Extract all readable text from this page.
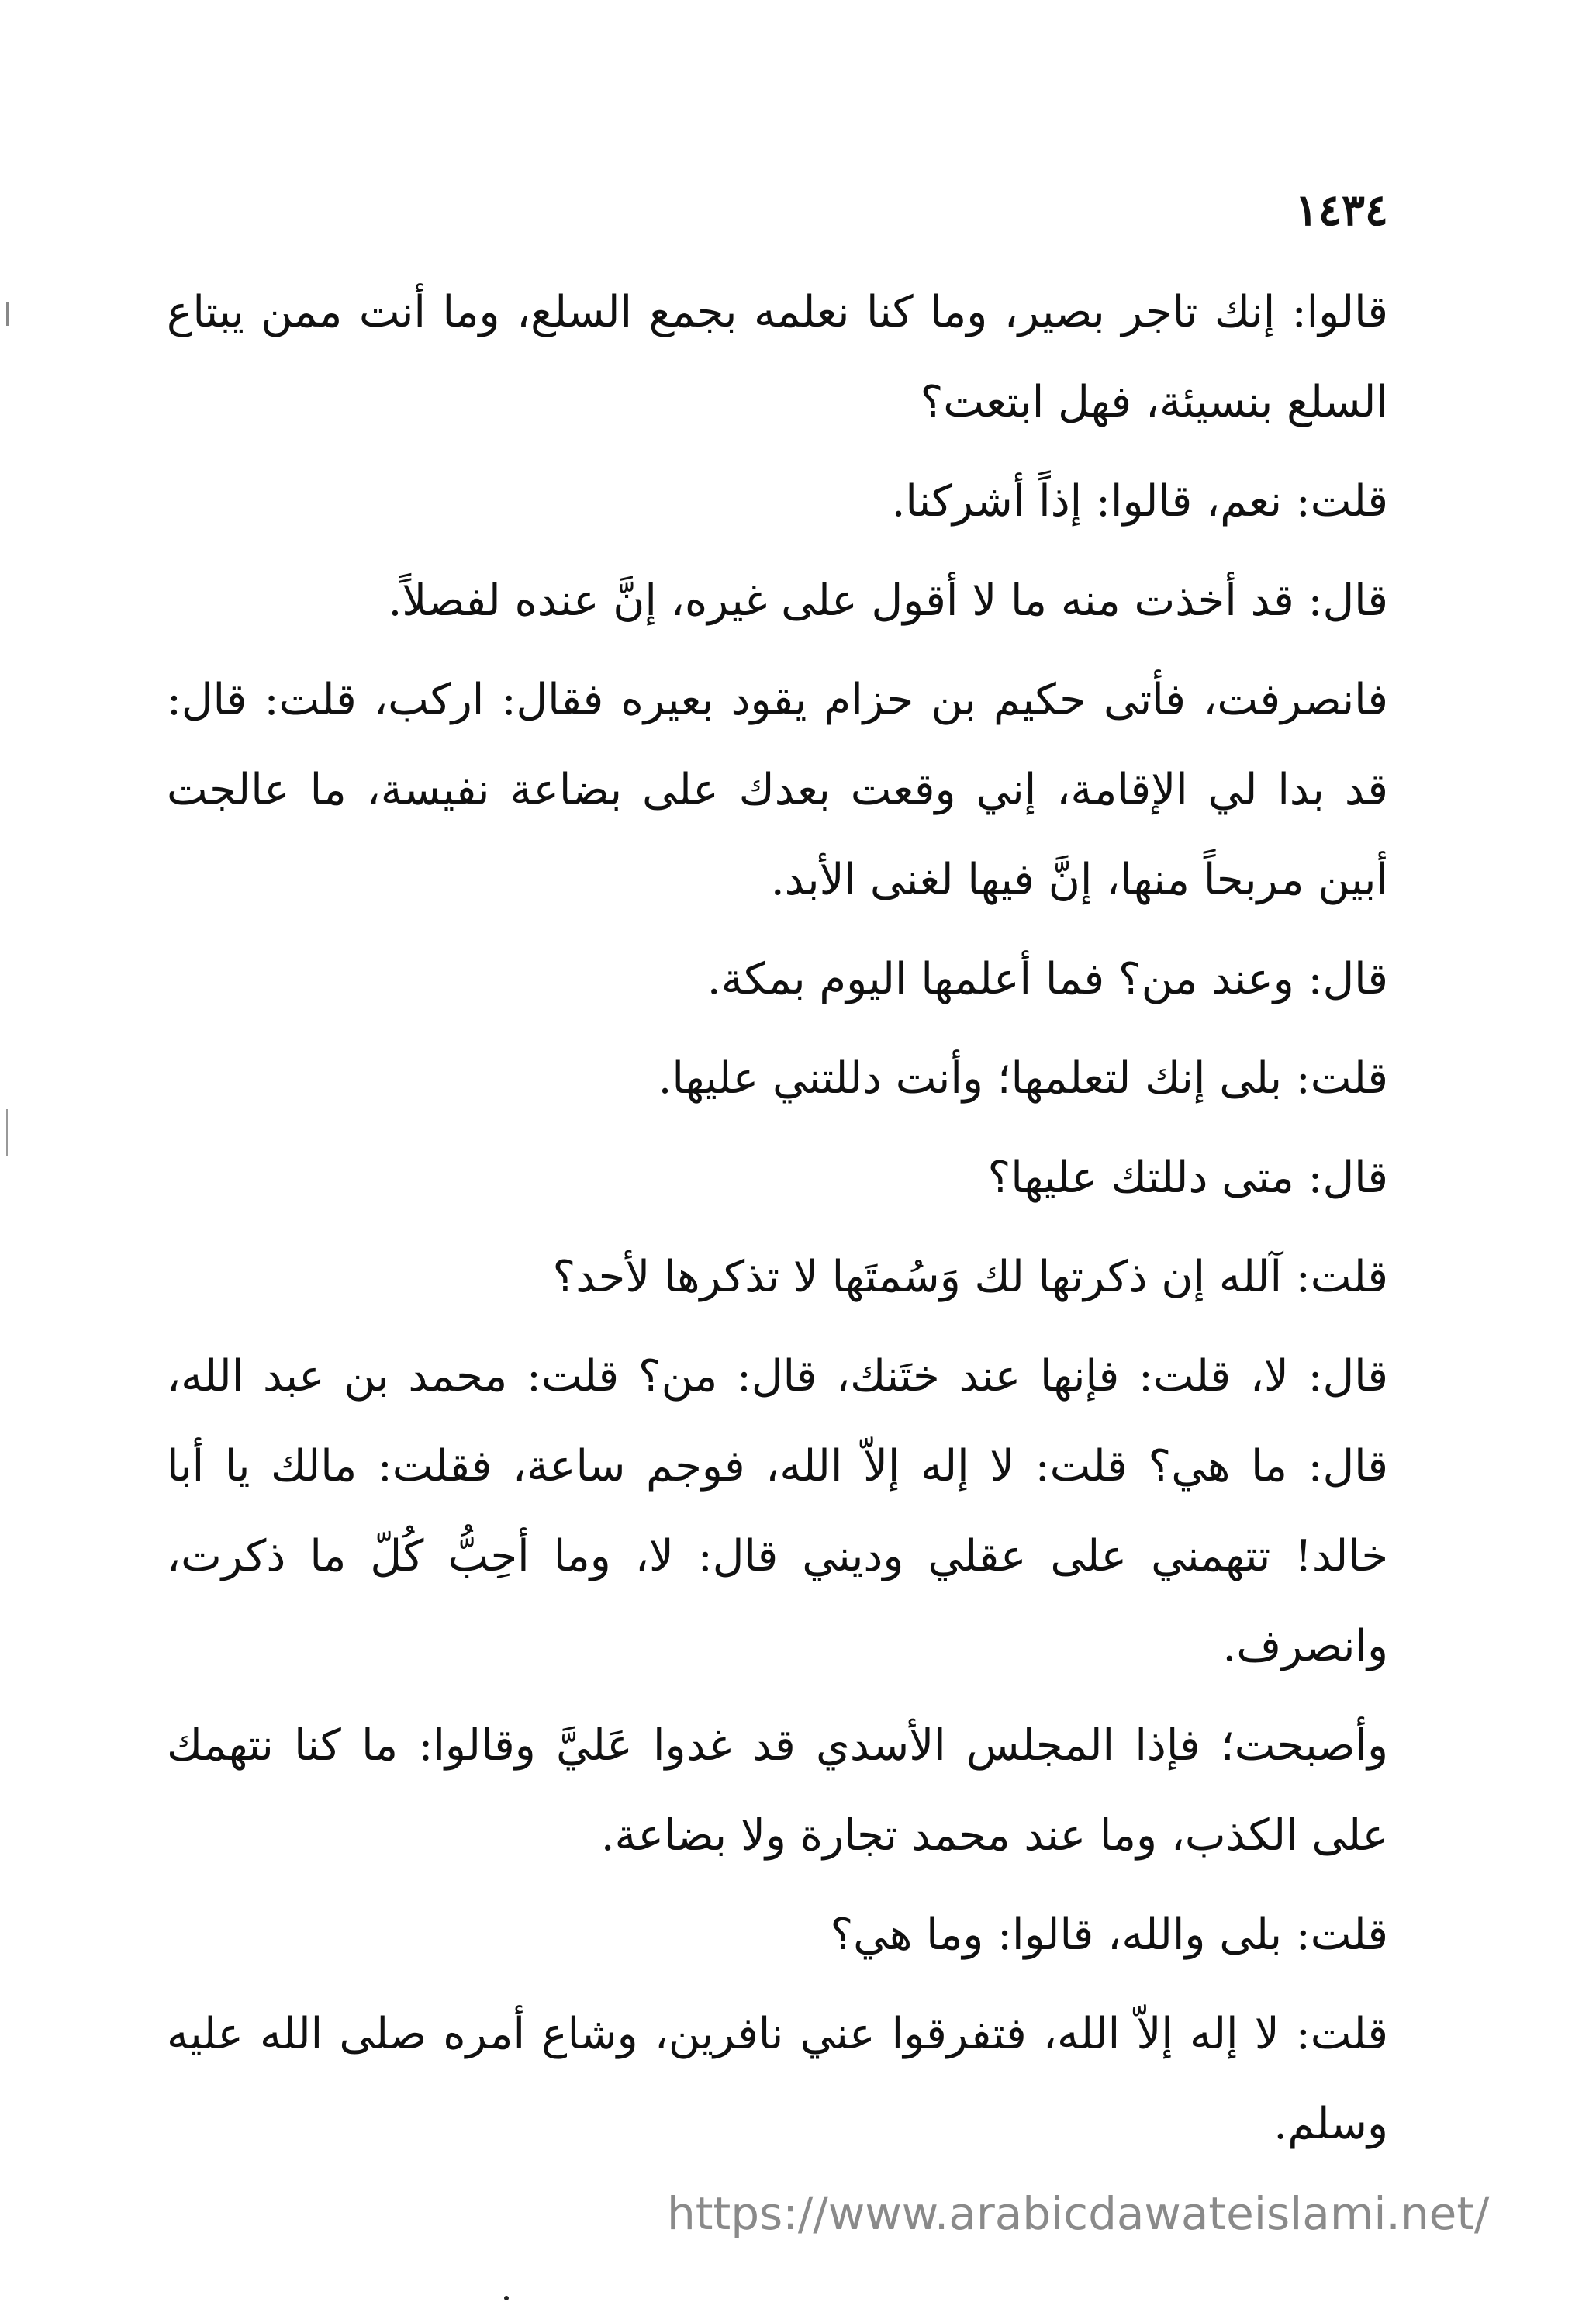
١٤٣٤

قالوا: إنك تاجر بصير، وما كنا نعلمه بجمع السلع، وما أنت ممن يبتاع السلع بنسيئة، فهل ابتعت؟

قلت: نعم، قالوا: إذاً أشركنا.

قال: قد أخذت منه ما لا أقول على غيره، إنَّ عنده لفصلاً.

فانصرفت، فأتى حكيم بن حزام يقود بعيره فقال: اركب، قلت: قال: قد بدا لي الإقامة، إني وقعت بعدك على بضاعة نفيسة، ما عالجت أبين مربحاً منها، إنَّ فيها لغنى الأبد.

قال: وعند من؟ فما أعلمها اليوم بمكة.

قلت: بلى إنك لتعلمها؛ وأنت دللتني عليها.

قال: متى دللتك عليها؟

قلت: آلله إن ذكرتها لك وَسُمتَها لا تذكرها لأحد؟

قال: لا، قلت: فإنها عند ختَنك، قال: من؟ قلت: محمد بن عبد الله، قال: ما هي؟ قلت: لا إله إلاّ الله، فوجم ساعة، فقلت: مالك يا أبا خالد! تتهمني على عقلي وديني قال: لا، وما أحِبُّ كُلّ ما ذكرت، وانصرف.

وأصبحت؛ فإذا المجلس الأسدي قد غدوا عَليَّ وقالوا: ما كنا نتهمك على الكذب، وما عند محمد تجارة ولا بضاعة.

قلت: بلى والله، قالوا: وما هي؟

قلت: لا إله إلاّ الله، فتفرقوا عني نافرين، وشاع أمره صلى الله عليه وسلم.

https://www.arabicdawateislami.net/
